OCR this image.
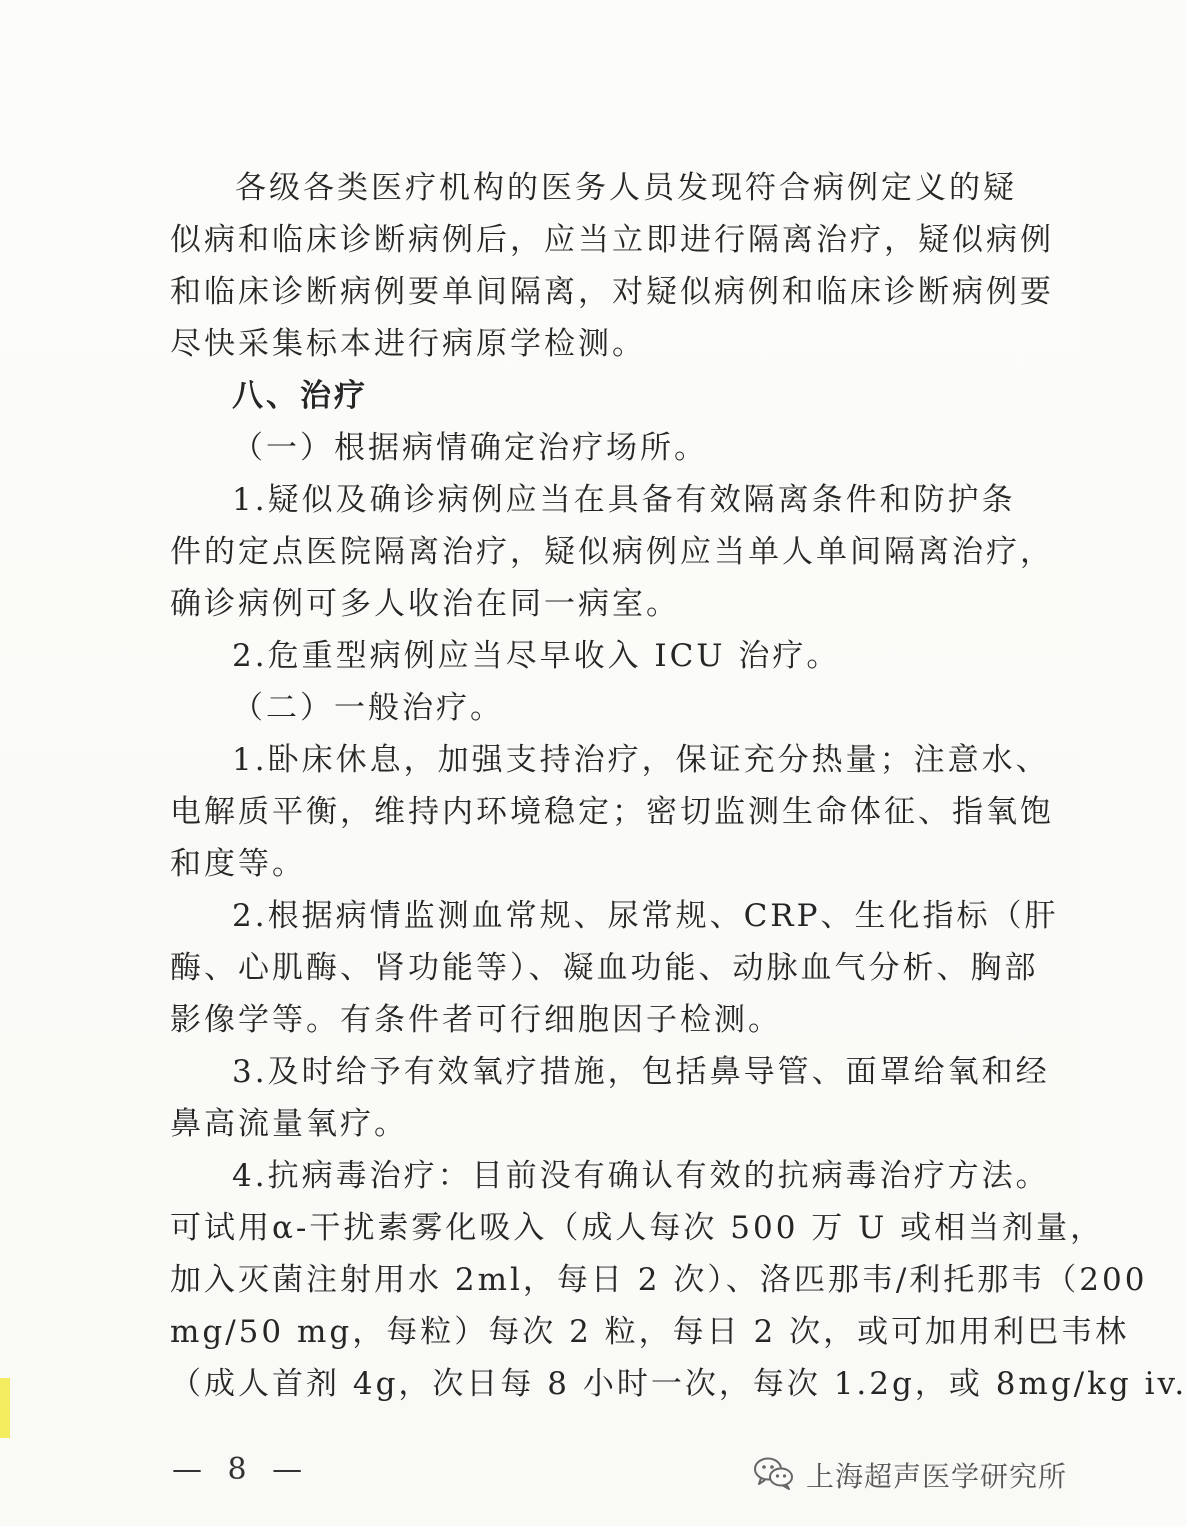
各级各类医疗机构的医务人员发现符合病例定义的疑
似病和临床诊断病例后，应当立即进行隔离治疗，疑似病例
和临床诊断病例要单间隔离，对疑似病例和临床诊断病例要
尽快采集标本进行病原学检测。
八、治疗
（一）根据病情确定治疗场所。
1.疑似及确诊病例应当在具备有效隔离条件和防护条
件的定点医院隔离治疗，疑似病例应当单人单间隔离治疗，
确诊病例可多人收治在同一病室。
2.危重型病例应当尽早收入 ICU 治疗。
（二）一般治疗。
1.卧床休息，加强支持治疗，保证充分热量；注意水、
电解质平衡，维持内环境稳定；密切监测生命体征、指氧饱
和度等。
2.根据病情监测血常规、尿常规、CRP、生化指标（肝
酶、心肌酶、肾功能等）、凝血功能、动脉血气分析、胸部
影像学等。有条件者可行细胞因子检测。
3.及时给予有效氧疗措施，包括鼻导管、面罩给氧和经
鼻高流量氧疗。
4.抗病毒治疗：目前没有确认有效的抗病毒治疗方法。
可试用α-干扰素雾化吸入（成人每次 500 万 U 或相当剂量，
加入灭菌注射用水 2ml，每日 2 次）、洛匹那韦/利托那韦（200
mg/50 mg，每粒）每次 2 粒，每日 2 次，或可加用利巴韦林
（成人首剂 4g，次日每 8 小时一次，每次 1.2g，或 8mg/kg iv.
— 8 —	上海超声医学研究所
